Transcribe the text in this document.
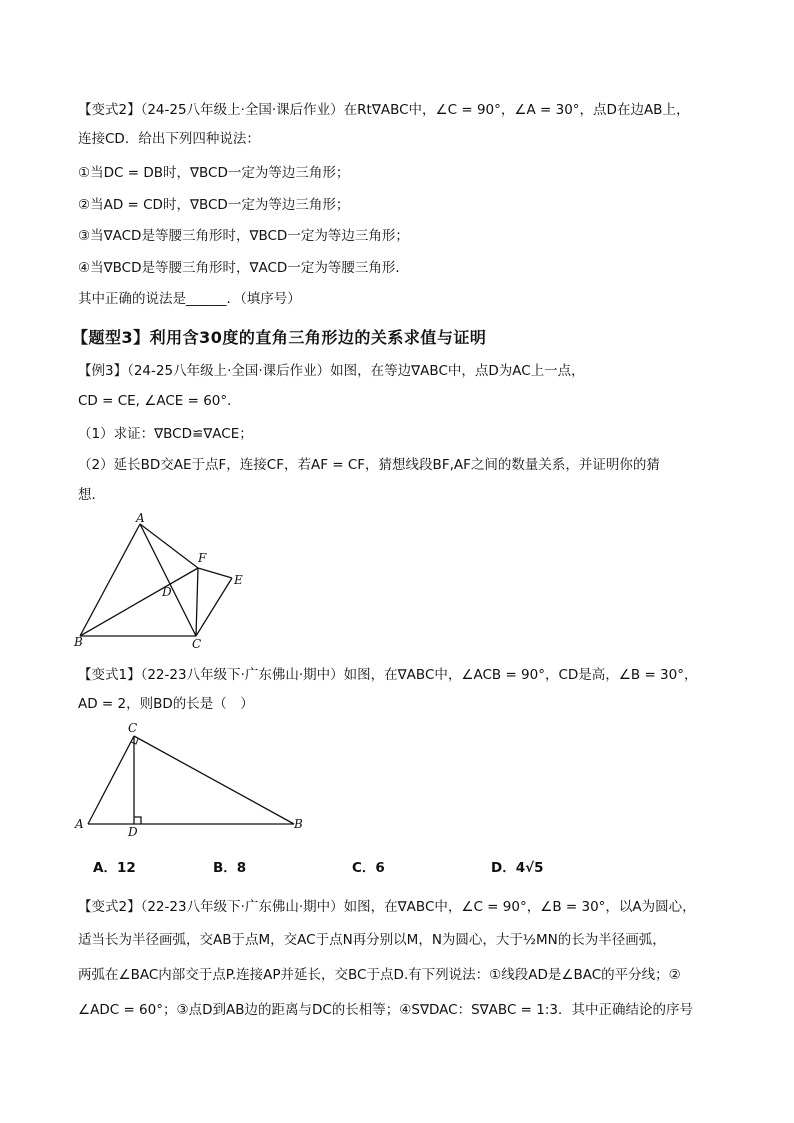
【变式2】（24-25八年级上·全国·课后作业）在Rt∇ABC中，∠C = 90°，∠A = 30°，点D在边AB上，
连接CD．给出下列四种说法：
①当DC = DB时，∇BCD一定为等边三角形；
②当AD = CD时，∇BCD一定为等边三角形；
③当∇ACD是等腰三角形时，∇BCD一定为等边三角形；
④当∇BCD是等腰三角形时，∇ACD一定为等腰三角形．
其中正确的说法是______．（填序号）
【题型3】利用含30度的直角三角形边的关系求值与证明
【例3】（24-25八年级上·全国·课后作业）如图，在等边∇ABC中，点D为AC上一点，
CD = CE, ∠ACE = 60°．
（1）求证：∇BCD≌∇ACE；
（2）延长BD交AE于点F，连接CF，若AF = CF，猜想线段BF,AF之间的数量关系，并证明你的猜
想．
A
B	C
D
E
F
【变式1】（22-23八年级下·广东佛山·期中）如图，在∇ABC中，∠ACB = 90°，CD是高，∠B = 30°，
AD = 2，则BD的长是（　）
A	B
C
D
A．12	B．8	C．6	D．4√5
【变式2】（22-23八年级下·广东佛山·期中）如图，在∇ABC中，∠C = 90°，∠B = 30°，以A为圆心，
适当长为半径画弧，交AB于点M，交AC于点N再分别以M，N为圆心，大于½MN的长为半径画弧，
两弧在∠BAC内部交于点P.连接AP并延长，交BC于点D.有下列说法：①线段AD是∠BAC的平分线；②
∠ADC = 60°；③点D到AB边的距离与DC的长相等；④S∇DAC：S∇ABC = 1:3．其中正确结论的序号
